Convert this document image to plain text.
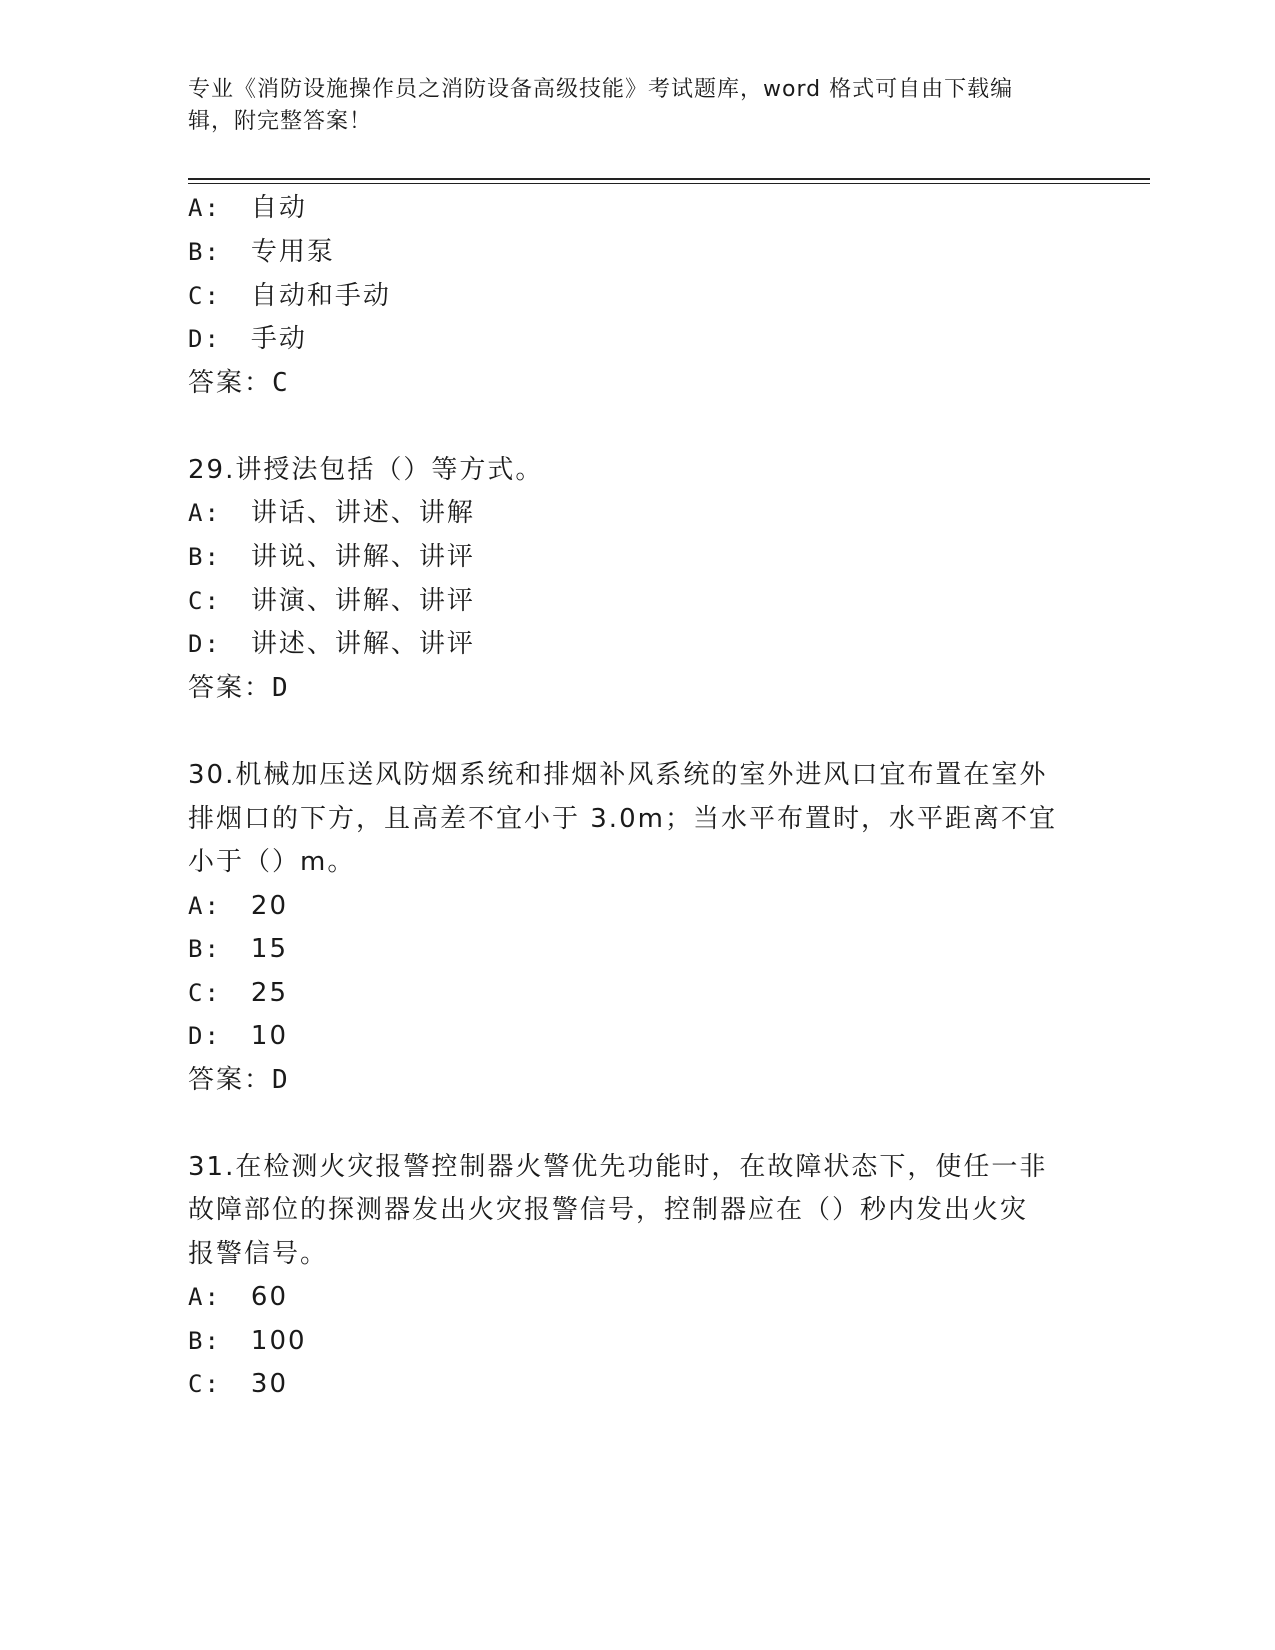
专业《消防设施操作员之消防设备高级技能》考试题库，word 格式可自由下载编
辑，附完整答案！
A: 自动
B: 专用泵
C: 自动和手动
D: 手动
答案：C
29.讲授法包括（）等方式。
A: 讲话、讲述、讲解
B: 讲说、讲解、讲评
C: 讲演、讲解、讲评
D: 讲述、讲解、讲评
答案：D
30.机械加压送风防烟系统和排烟补风系统的室外进风口宜布置在室外
排烟口的下方，且高差不宜小于 3.0m；当水平布置时，水平距离不宜
小于（）m。
A: 20
B: 15
C: 25
D: 10
答案：D
31.在检测火灾报警控制器火警优先功能时，在故障状态下，使任一非
故障部位的探测器发出火灾报警信号，控制器应在（）秒内发出火灾
报警信号。
A: 60
B: 100
C: 30
